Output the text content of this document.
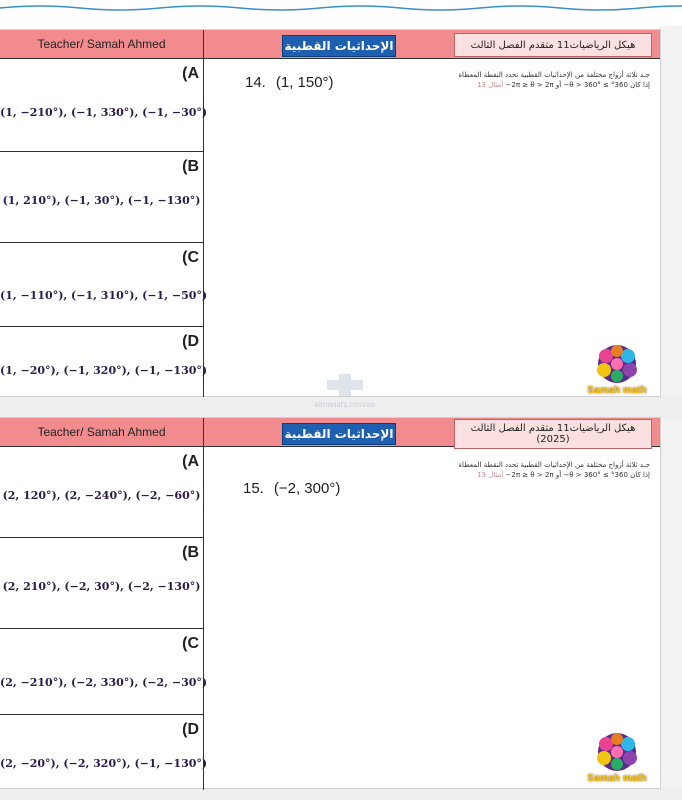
Teacher/ Samah Ahmed	الإحداثيات القطبية	هيكل الرياضيات11 متقدم الفصل الثالث
(A
(1, −210°), (−1, 330°), (−1, −30°)
(B
(1, 210°), (−1, 30°), (−1, −130°)
(C
(1, −110°), (−1, 310°), (−1, −50°)
(D
(1, −20°), (−1, 320°), (−1, −130°)
14. (1, 150°)	جـد ثلاثة أزواج مختلفة من الإحداثيات القطبية تحدد النقطة المعطاة
إذا كان 360° ≥ θ > 360°− أو 2π ≥ θ > 2π− أمثال 13
Samah math
almanahj.com/ae
Teacher/ Samah Ahmed	الإحداثيات القطبية	هيكل الرياضيات11 متقدم الفصل الثالث (2025)
(A
(2, 120°), (2, −240°), (−2, −60°)
(B
(2, 210°), (−2, 30°), (−2, −130°)
(C
(2, −210°), (−2, 330°), (−2, −30°)
(D
(2, −20°), (−2, 320°), (−1, −130°)
15. (−2, 300°)
جـد ثلاثة أزواج مختلفة من الإحداثيات القطبية تحدد النقطة المعطاة
إذا كان 360° ≥ θ > 360°− أو 2π ≥ θ > 2π− أمثال 13
Samah math
